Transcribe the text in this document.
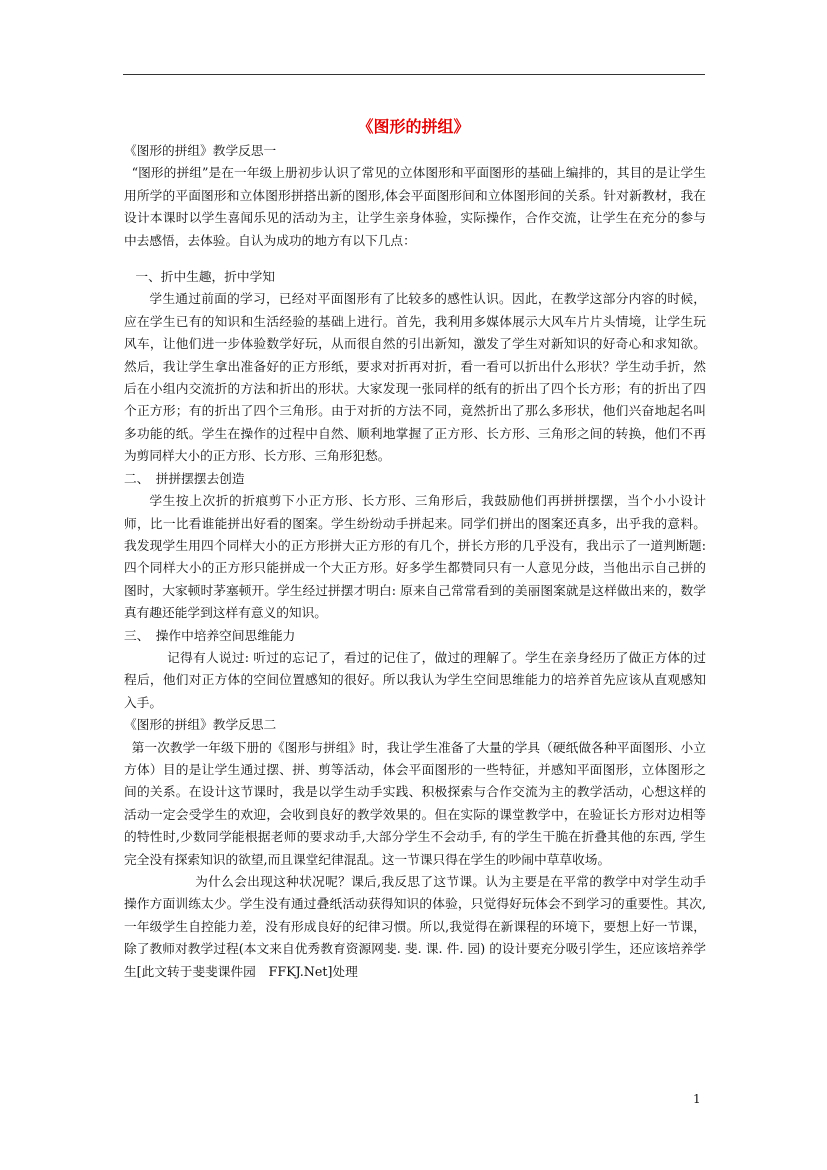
《图形的拼组》

《图形的拼组》教学反思一

“图形的拼组”是在一年级上册初步认识了常见的立体图形和平面图形的基础上编排的，其目的是让学生用所学的平面图形和立体图形拼搭出新的图形,体会平面图形间和立体图形间的关系。针对新教材，我在设计本课时以学生喜闻乐见的活动为主，让学生亲身体验，实际操作，合作交流，让学生在充分的参与中去感悟，去体验。自认为成功的地方有以下几点：

一、折中生趣，折中学知

学生通过前面的学习，已经对平面图形有了比较多的感性认识。因此，在教学这部分内容的时候，应在学生已有的知识和生活经验的基础上进行。首先，我利用多媒体展示大风车片片头情境，让学生玩风车，让他们进一步体验数学好玩，从而很自然的引出新知，激发了学生对新知识的好奇心和求知欲。然后，我让学生拿出准备好的正方形纸，要求对折再对折，看一看可以折出什么形状？学生动手折，然后在小组内交流折的方法和折出的形状。大家发现一张同样的纸有的折出了四个长方形；有的折出了四个正方形；有的折出了四个三角形。由于对折的方法不同，竟然折出了那么多形状，他们兴奋地起名叫多功能的纸。学生在操作的过程中自然、顺利地掌握了正方形、长方形、三角形之间的转换，他们不再为剪同样大小的正方形、长方形、三角形犯愁。

二、　拼拼摆摆去创造

学生按上次折的折痕剪下小正方形、长方形、三角形后，我鼓励他们再拼拼摆摆，当个小小设计师，比一比看谁能拼出好看的图案。学生纷纷动手拼起来。同学们拼出的图案还真多，出乎我的意料。我发现学生用四个同样大小的正方形拼大正方形的有几个，拼长方形的几乎没有，我出示了一道判断题: 四个同样大小的正方形只能拼成一个大正方形。好多学生都赞同只有一人意见分歧，当他出示自己拼的图时，大家顿时茅塞顿开。学生经过拼摆才明白: 原来自己常常看到的美丽图案就是这样做出来的，数学真有趣还能学到这样有意义的知识。

三、　操作中培养空间思维能力

记得有人说过: 听过的忘记了，看过的记住了，做过的理解了。学生在亲身经历了做正方体的过程后，他们对正方体的空间位置感知的很好。所以我认为学生空间思维能力的培养首先应该从直观感知入手。

《图形的拼组》教学反思二

第一次教学一年级下册的《图形与拼组》时，我让学生准备了大量的学具（硬纸做各种平面图形、小立方体）目的是让学生通过摆、拼、剪等活动，体会平面图形的一些特征，并感知平面图形，立体图形之间的关系。在设计这节课时，我是以学生动手实践、积极探索与合作交流为主的教学活动，心想这样的活动一定会受学生的欢迎，会收到良好的教学效果的。但在实际的课堂教学中，在验证长方形对边相等的特性时,少数同学能根据老师的要求动手,大部分学生不会动手, 有的学生干脆在折叠其他的东西, 学生完全没有探索知识的欲望,而且课堂纪律混乱。这一节课只得在学生的吵闹中草草收场。

为什么会出现这种状况呢？课后,我反思了这节课。认为主要是在平常的教学中对学生动手操作方面训练太少。学生没有通过叠纸活动获得知识的体验，只觉得好玩体会不到学习的重要性。其次,一年级学生自控能力差，没有形成良好的纪律习惯。所以,我觉得在新课程的环境下，要想上好一节课，除了教师对教学过程(本文来自优秀教育资源网斐. 斐. 课. 件. 园) 的设计要充分吸引学生，还应该培养学生[此文转于斐斐课件园　FFKJ.Net]处理

1
